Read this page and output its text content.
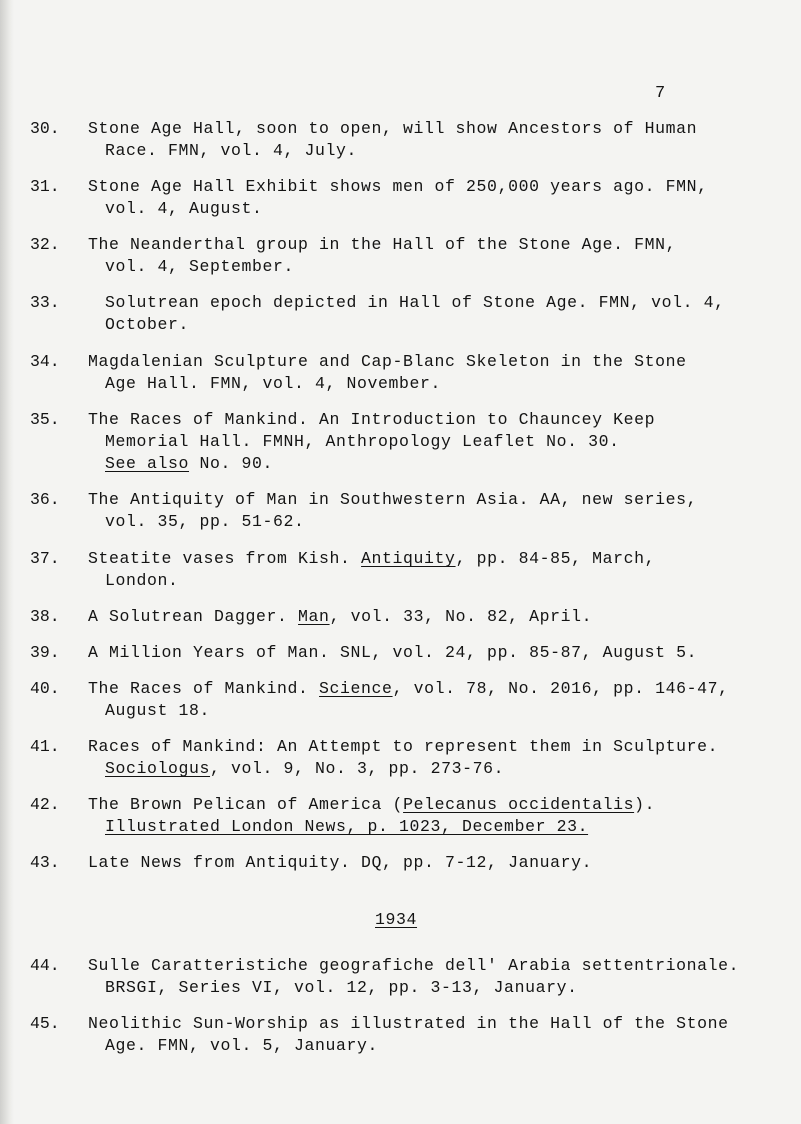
7
30.	Stone Age Hall, soon to open, will show Ancestors of Human
Race. FMN, vol. 4, July.
31.	Stone Age Hall Exhibit shows men of 250,000 years ago. FMN,
vol. 4, August.
32.	The Neanderthal group in the Hall of the Stone Age. FMN,
vol. 4, September.
33.	Solutrean epoch depicted in Hall of Stone Age. FMN, vol. 4,
October.
34.	Magdalenian Sculpture and Cap-Blanc Skeleton in the Stone
Age Hall. FMN, vol. 4, November.
35.	The Races of Mankind. An Introduction to Chauncey Keep
Memorial Hall. FMNH, Anthropology Leaflet No. 30.
See also No. 90.
36.	The Antiquity of Man in Southwestern Asia. AA, new series,
vol. 35, pp. 51-62.
37.	Steatite vases from Kish. Antiquity, pp. 84-85, March,
London.
38.	A Solutrean Dagger. Man, vol. 33, No. 82, April.
39.	A Million Years of Man. SNL, vol. 24, pp. 85-87, August 5.
40.	The Races of Mankind. Science, vol. 78, No. 2016, pp. 146-47,
August 18.
41.	Races of Mankind: An Attempt to represent them in Sculpture.
Sociologus, vol. 9, No. 3, pp. 273-76.
42.	The Brown Pelican of America (Pelecanus occidentalis).
Illustrated London News, p. 1023, December 23.
43.	Late News from Antiquity. DQ, pp. 7-12, January.
44.	Sulle Caratteristiche geografiche dell' Arabia settentrionale.
BRSGI, Series VI, vol. 12, pp. 3-13, January.
45.	Neolithic Sun-Worship as illustrated in the Hall of the Stone
Age. FMN, vol. 5, January.
1934
